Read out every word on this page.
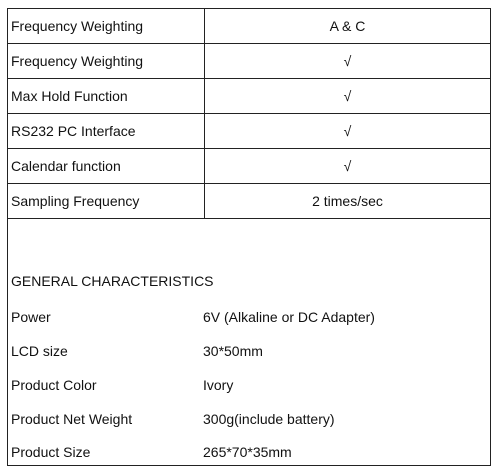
Frequency Weighting	A & C
Frequency Weighting	√
Max Hold Function	√
RS232 PC Interface	√
Calendar function	√
Sampling Frequency	2 times/sec
GENERAL CHARACTERISTICS
Power	6V (Alkaline or DC Adapter)
LCD size	30*50mm
Product Color	Ivory
Product Net Weight	300g(include battery)
Product Size	265*70*35mm
